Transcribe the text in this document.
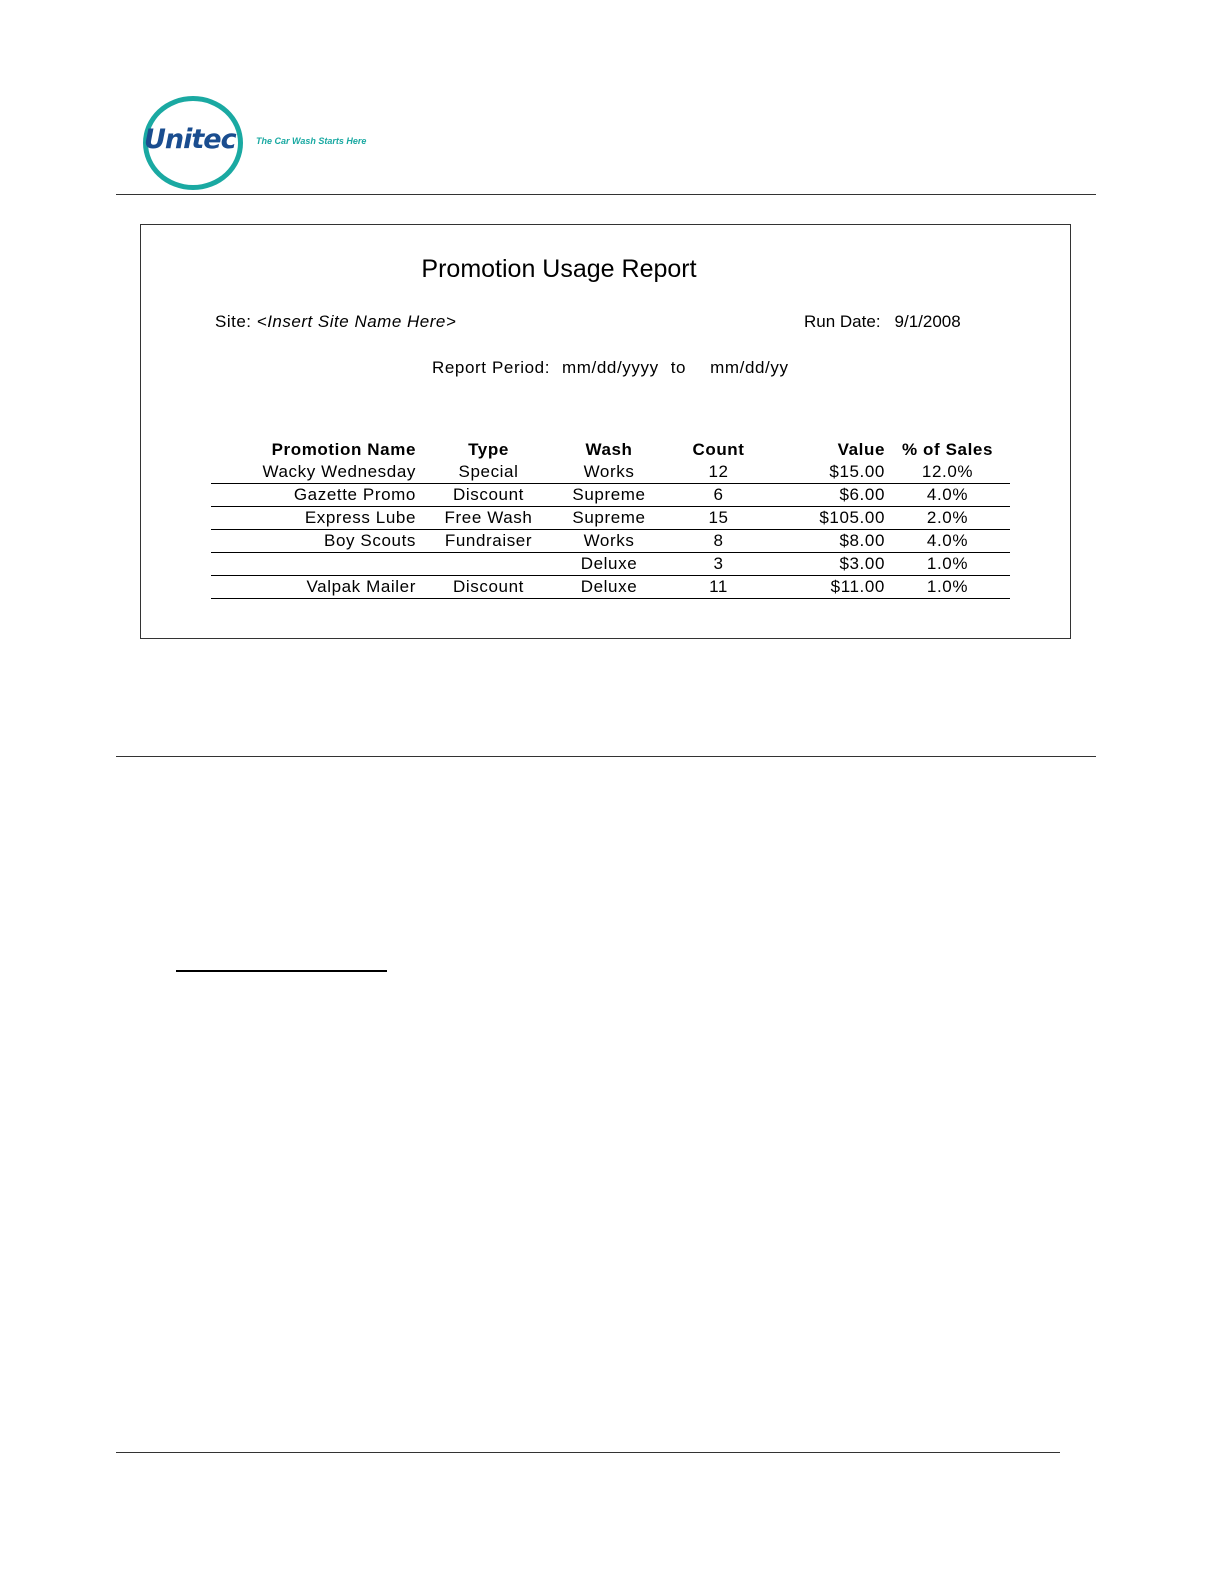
Unitec The Car Wash Starts Here
Promotion Usage Report
Site: <Insert Site Name Here>	Run Date: 9/1/2008
Report Period: mm/dd/yyyy to mm/dd/yy
Promotion Name	Type	Wash	Count	Value	% of Sales
Wacky Wednesday	Special	Works	12	$15.00	12.0%
Gazette Promo	Discount	Supreme	6	$6.00	4.0%
Express Lube	Free Wash	Supreme	15	$105.00	2.0%
Boy Scouts	Fundraiser	Works	8	$8.00	4.0%
		Deluxe	3	$3.00	1.0%
Valpak Mailer	Discount	Deluxe	11	$11.00	1.0%
